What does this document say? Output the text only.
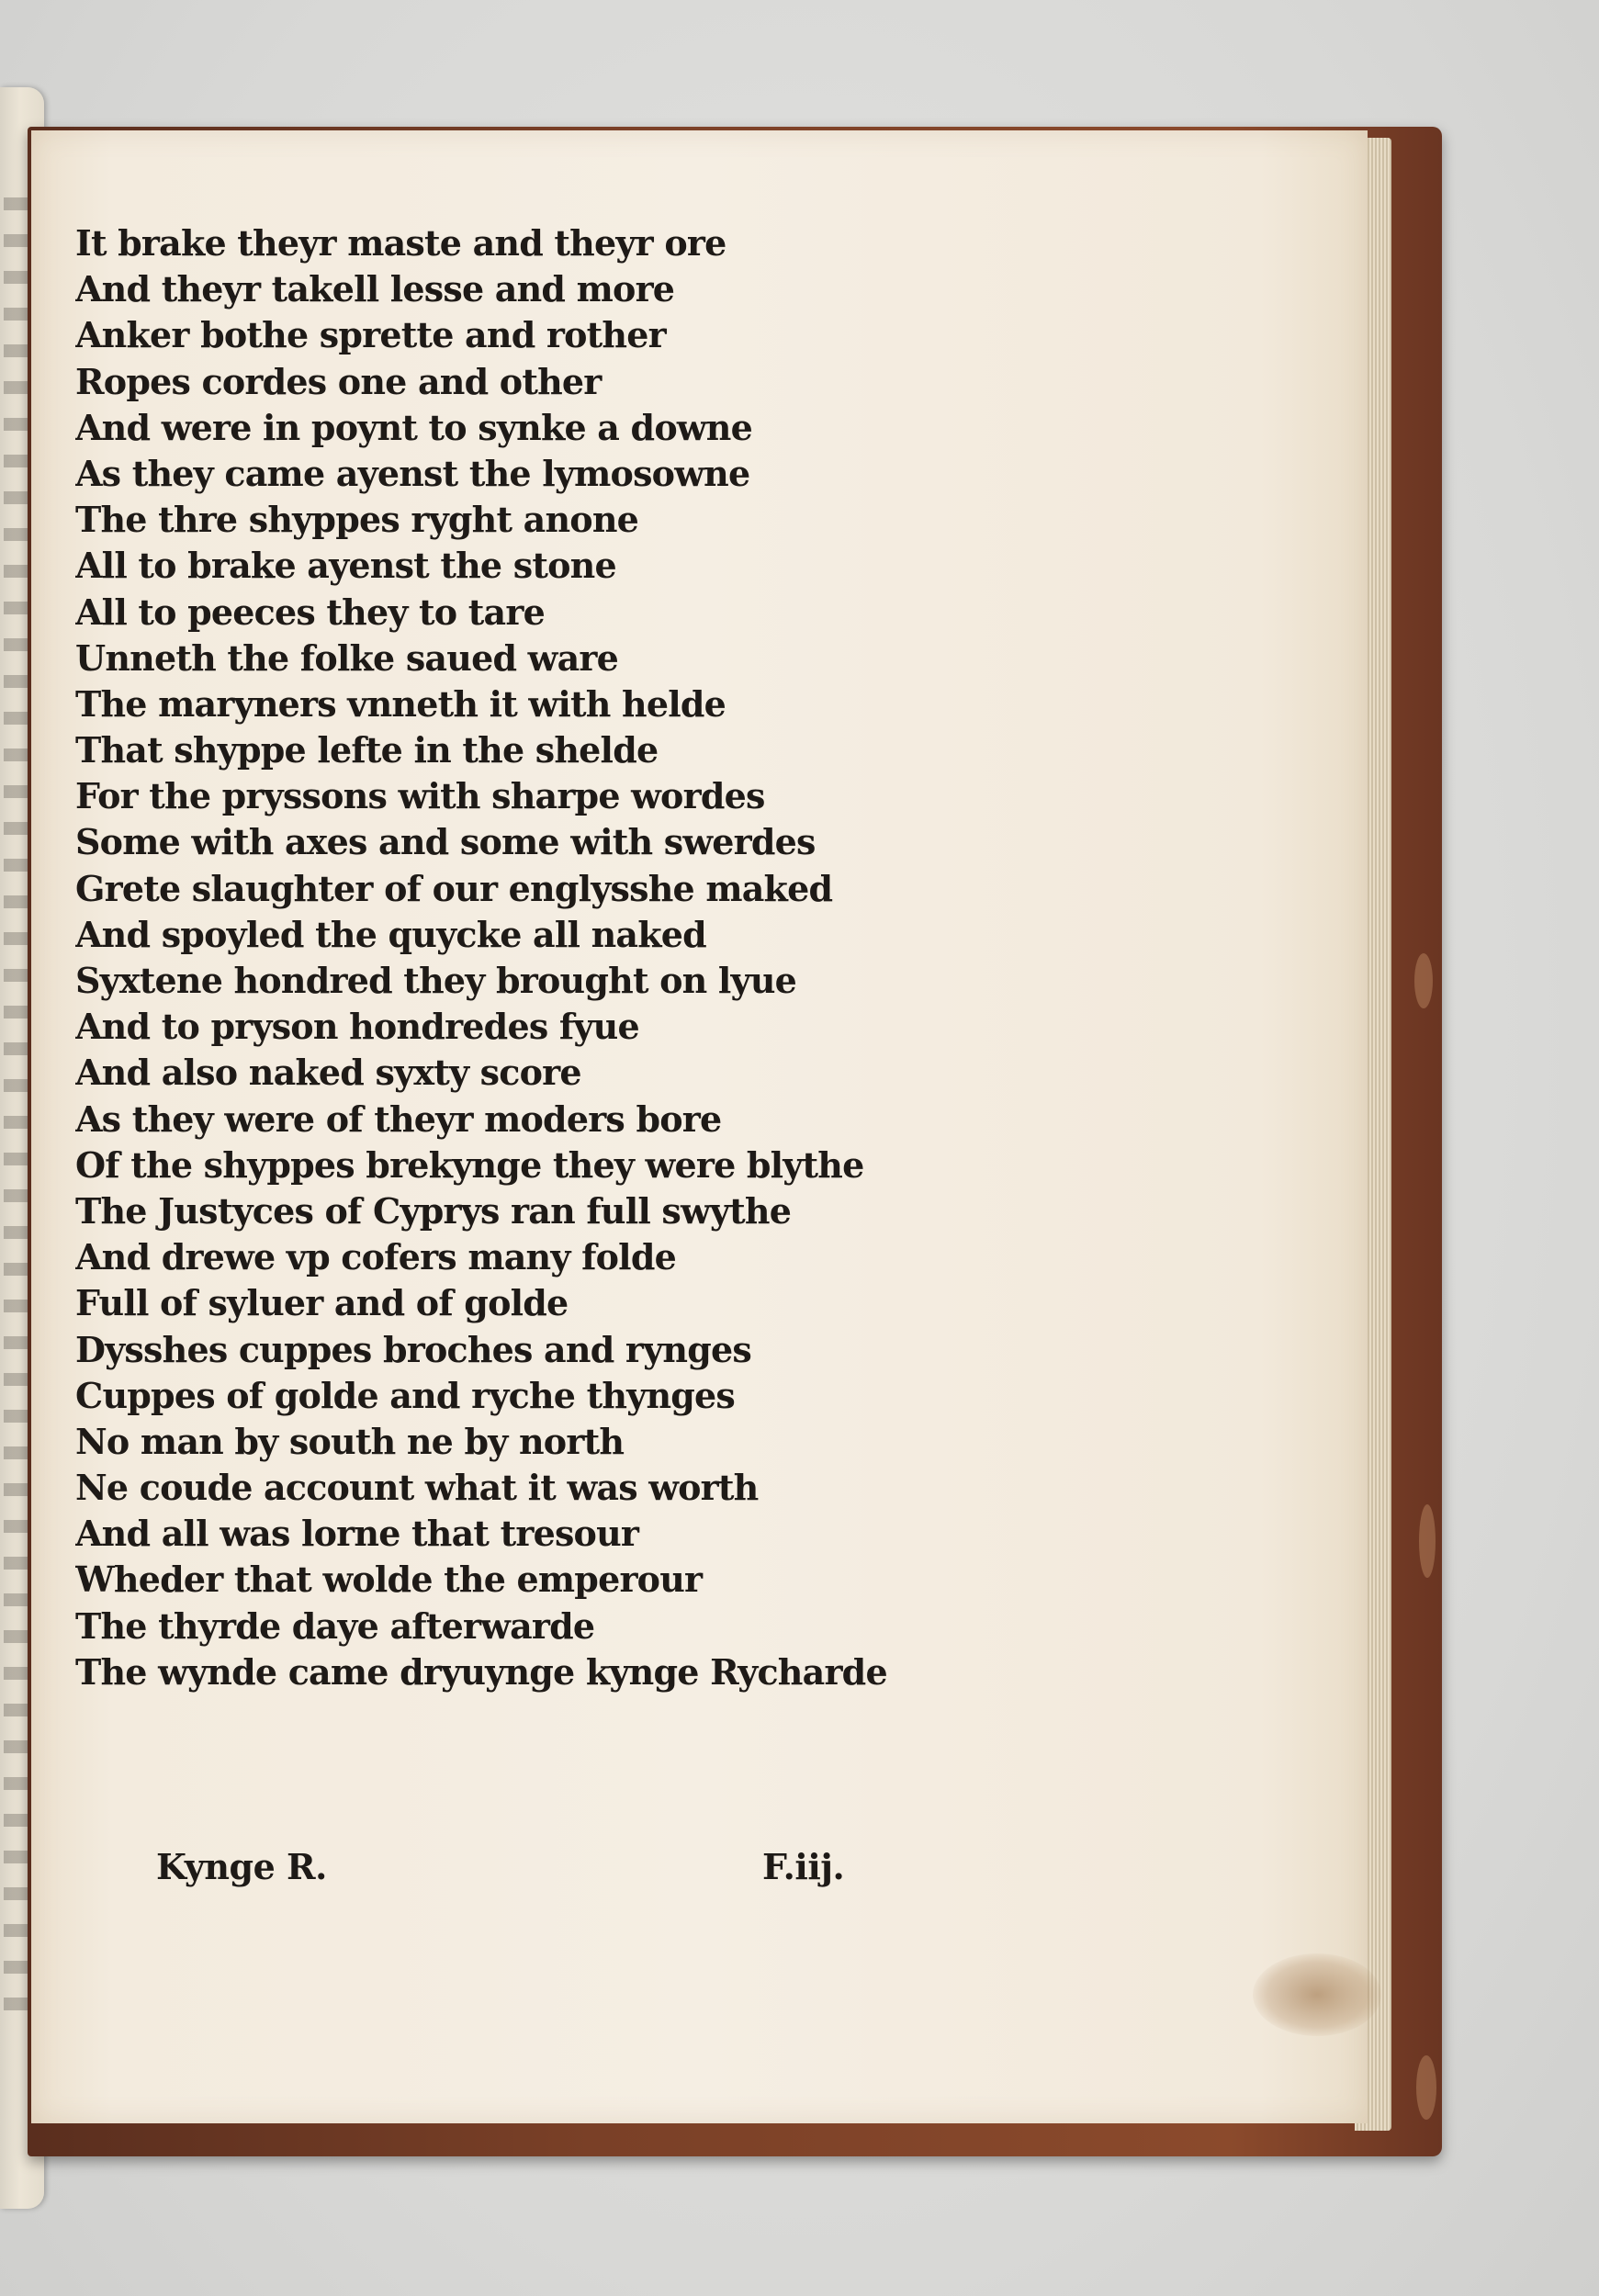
It brake theyr maste and theyr ore
And theyr takell lesse and more
Anker bothe sprette and rother
Ropes cordes one and other
And were in poynt to synke a downe
As they came ayenst the lymosowne
The thre shyppes ryght anone
All to brake ayenst the stone
All to peeces they to tare
Unneth the folke saued ware
The maryners vnneth it with helde
That shyppe lefte in the shelde
For the pryssons with sharpe wordes
Some with axes and some with swerdes
Grete slaughter of our englysshe maked
And spoyled the quycke all naked
Syxtene hondred they brought on lyue
And to pryson hondredes fyue
And also naked syxty score
As they were of theyr moders bore
Of the shyppes brekynge they were blythe
The Justyces of Cyprys ran full swythe
And drewe vp cofers many folde
Full of syluer and of golde
Dysshes cuppes broches and rynges
Cuppes of golde and ryche thynges
No man by south ne by north
Ne coude account what it was worth
And all was lorne that tresour
Wheder that wolde the emperour
The thyrde daye afterwarde
The wynde came dryuynge kynge Rycharde
Kynge R.	F.iij.
